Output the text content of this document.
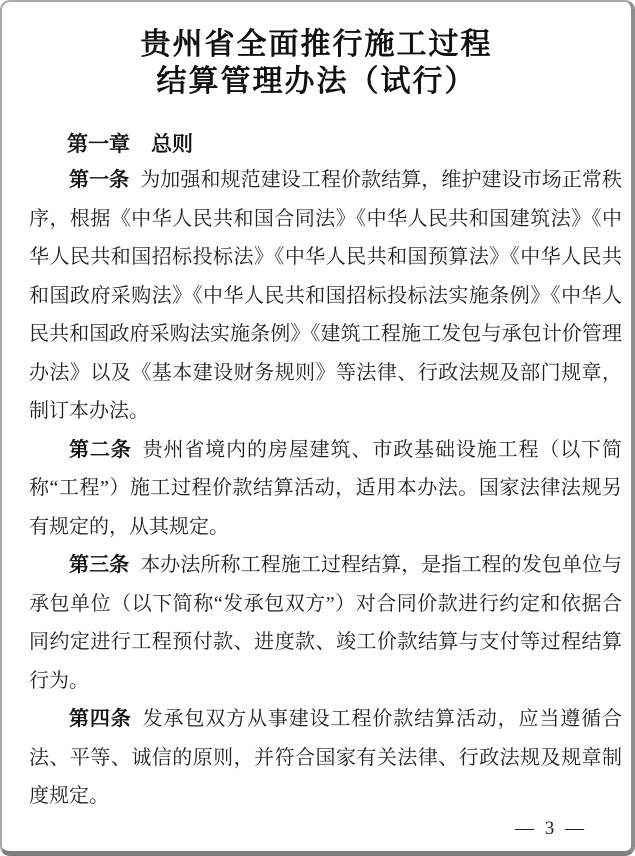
贵州省全面推行施工过程
结算管理办法（试行）
第一章 总则

第一条 为加强和规范建设工程价款结算，维护建设市场正常秩序，根据《中华人民共和国合同法》《中华人民共和国建筑法》《中华人民共和国招标投标法》《中华人民共和国预算法》《中华人民共和国政府采购法》《中华人民共和国招标投标法实施条例》《中华人民共和国政府采购法实施条例》《建筑工程施工发包与承包计价管理办法》以及《基本建设财务规则》等法律、行政法规及部门规章，制订本办法。

第二条 贵州省境内的房屋建筑、市政基础设施工程（以下简称“工程”）施工过程价款结算活动，适用本办法。国家法律法规另有规定的，从其规定。

第三条 本办法所称工程施工过程结算，是指工程的发包单位与承包单位（以下简称“发承包双方”）对合同价款进行约定和依据合同约定进行工程预付款、进度款、竣工价款结算与支付等过程结算行为。

第四条 发承包双方从事建设工程价款结算活动，应当遵循合法、平等、诚信的原则，并符合国家有关法律、行政法规及规章制度规定。

— 3 —
